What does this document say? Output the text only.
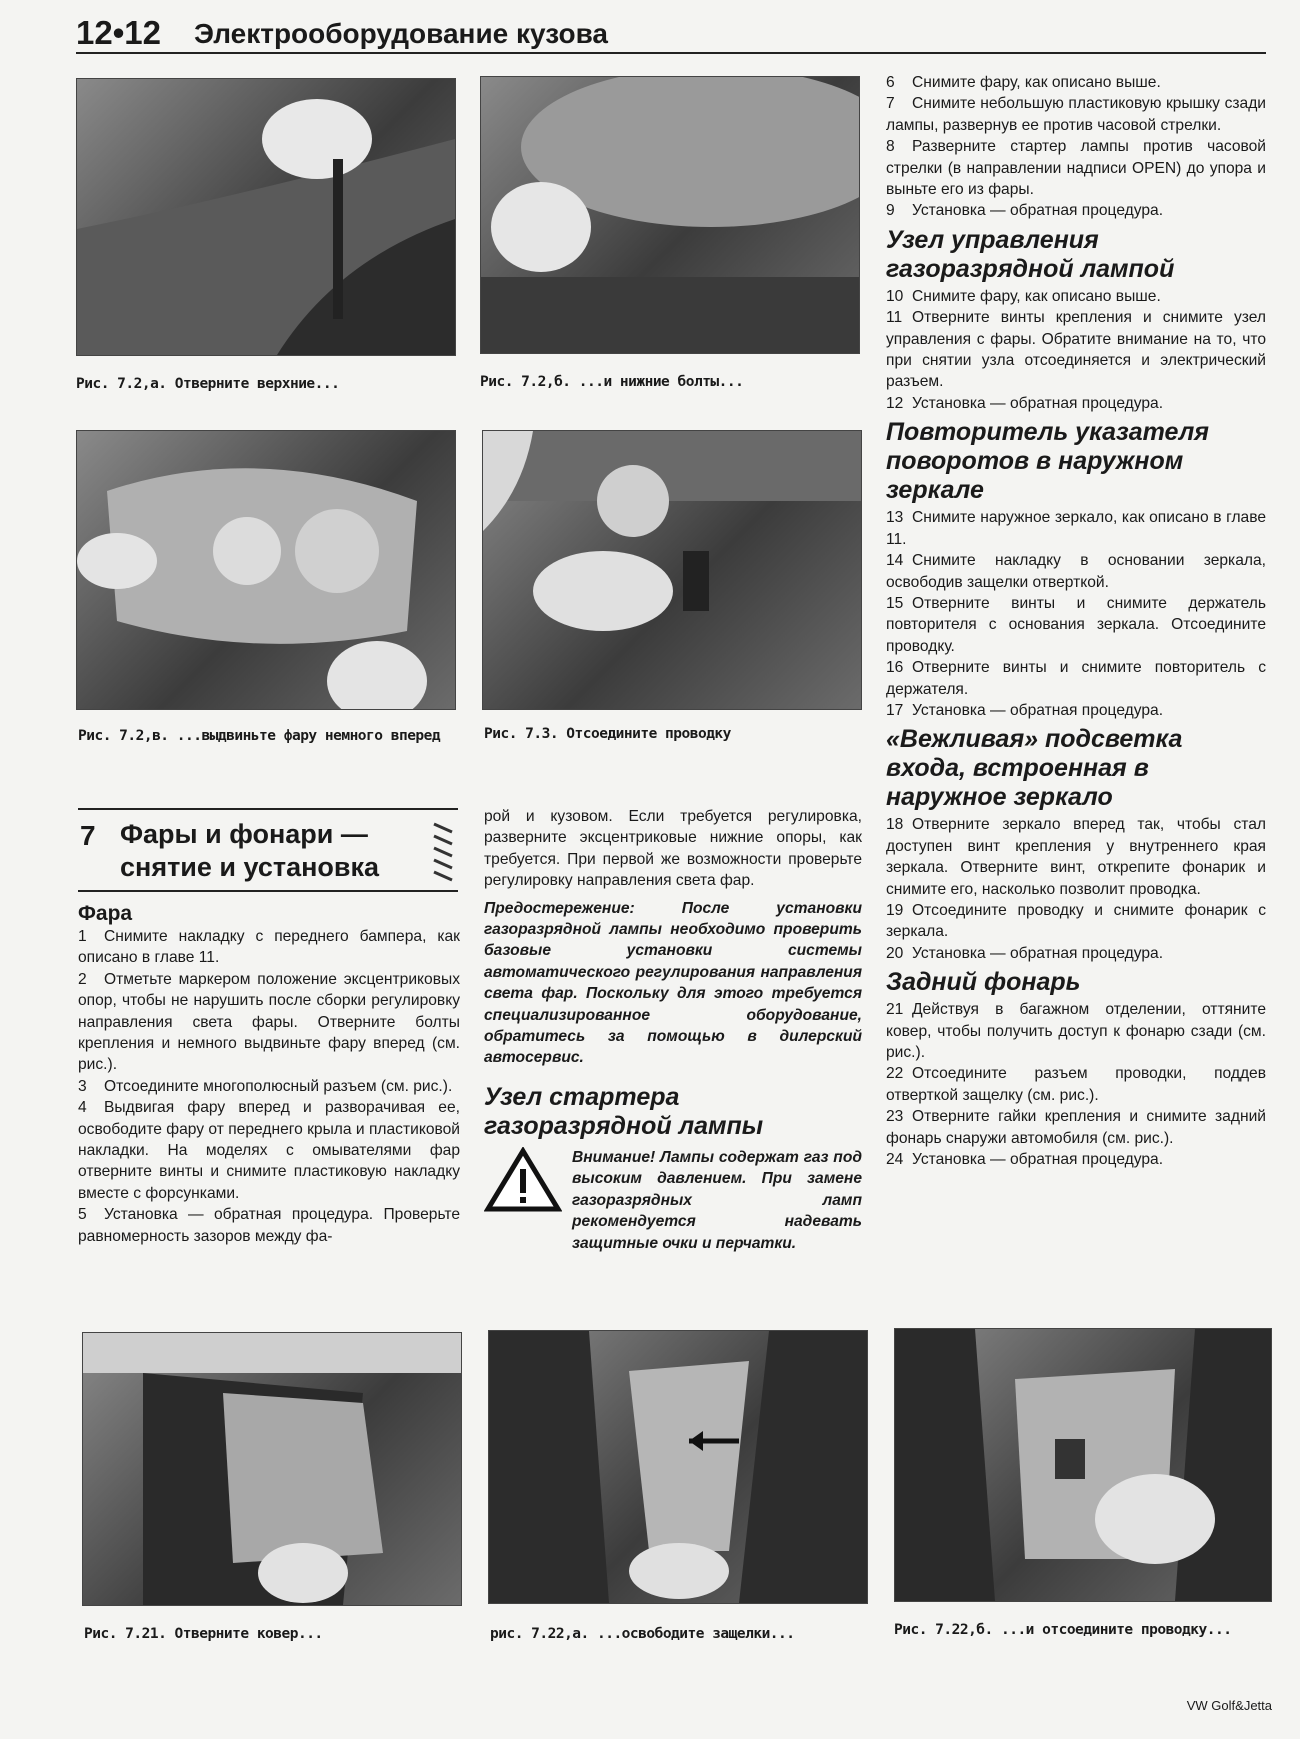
12•12 Электрооборудование кузова
Рис. 7.2,а. Отверните верхние...	Рис. 7.2,б. ...и нижние болты...
Рис. 7.2,в. ...выдвиньте фару немного вперед	Рис. 7.3. Отсоедините проводку
7 Фары и фонари —
снятие и установка
Фара

1 Снимите накладку с переднего бампера, как описано в главе 11.

2 Отметьте маркером положение эксцентриковых опор, чтобы не нарушить после сборки регулировку направления света фары. Отверните болты крепления и немного выдвиньте фару вперед (см. рис.).

3 Отсоедините многополюсный разъем (см. рис.).

4 Выдвигая фару вперед и разворачивая ее, освободите фару от переднего крыла и пластиковой накладки. На моделях с омывателями фар отверните винты и снимите пластиковую накладку вместе с форсунками.

5 Установка — обратная процедура. Проверьте равномерность зазоров между фа-

рой и кузовом. Если требуется регулировка, разверните эксцентриковые нижние опоры, как требуется. При первой же возможности проверьте регулировку направления света фар.

Предостережение:	После установки газоразрядной лампы необходимо проверить базовые установки системы автоматического регулирования направления света фар. Поскольку для этого требуется специализированное оборудование, обратитесь за помощью в дилерский автосервис.

Узел стартера газоразрядной лампы

Внимание! Лампы содержат газ под высоким давлением. При замене газоразрядных ламп рекомендуется надевать защитные очки и перчатки.

6 Снимите фару, как описано выше.

7 Снимите небольшую пластиковую крышку сзади лампы, развернув ее против часовой стрелки.

8 Разверните стартер лампы против часовой стрелки (в направлении надписи OPEN) до упора и выньте его из фары.

9 Установка — обратная процедура.

Узел управления газоразрядной лампой

10 Снимите фару, как описано выше.

11 Отверните винты крепления и снимите узел управления с фары. Обратите внимание на то, что при снятии узла отсоединяется и электрический разъем.

12 Установка — обратная процедура.

Повторитель указателя поворотов в наружном зеркале

13 Снимите наружное зеркало, как описано в главе 11.

14 Снимите накладку в основании зеркала, освободив защелки отверткой.

15 Отверните винты и снимите держатель повторителя с основания зеркала. Отсоедините проводку.

16 Отверните винты и снимите повторитель с держателя.

17 Установка — обратная процедура.

«Вежливая» подсветка входа, встроенная в наружное зеркало

18 Отверните зеркало вперед так, чтобы стал доступен винт крепления у внутреннего края зеркала. Отверните винт, открепите фонарик и снимите его, насколько позволит проводка.

19 Отсоедините проводку и снимите фонарик с зеркала.

20 Установка — обратная процедура.

Задний фонарь

21 Действуя в багажном отделении, оттяните ковер, чтобы получить доступ к фонарю сзади (см. рис.).

22 Отсоедините разъем проводки, поддев отверткой защелку (см. рис.).

23 Отверните гайки крепления и снимите задний фонарь снаружи автомобиля (см. рис.).

24 Установка — обратная процедура.

Рис. 7.21. Отверните ковер...	рис. 7.22,а. ...освободите защелки...	Рис. 7.22,б. ...и отсоедините проводку...
VW Golf&Jetta
